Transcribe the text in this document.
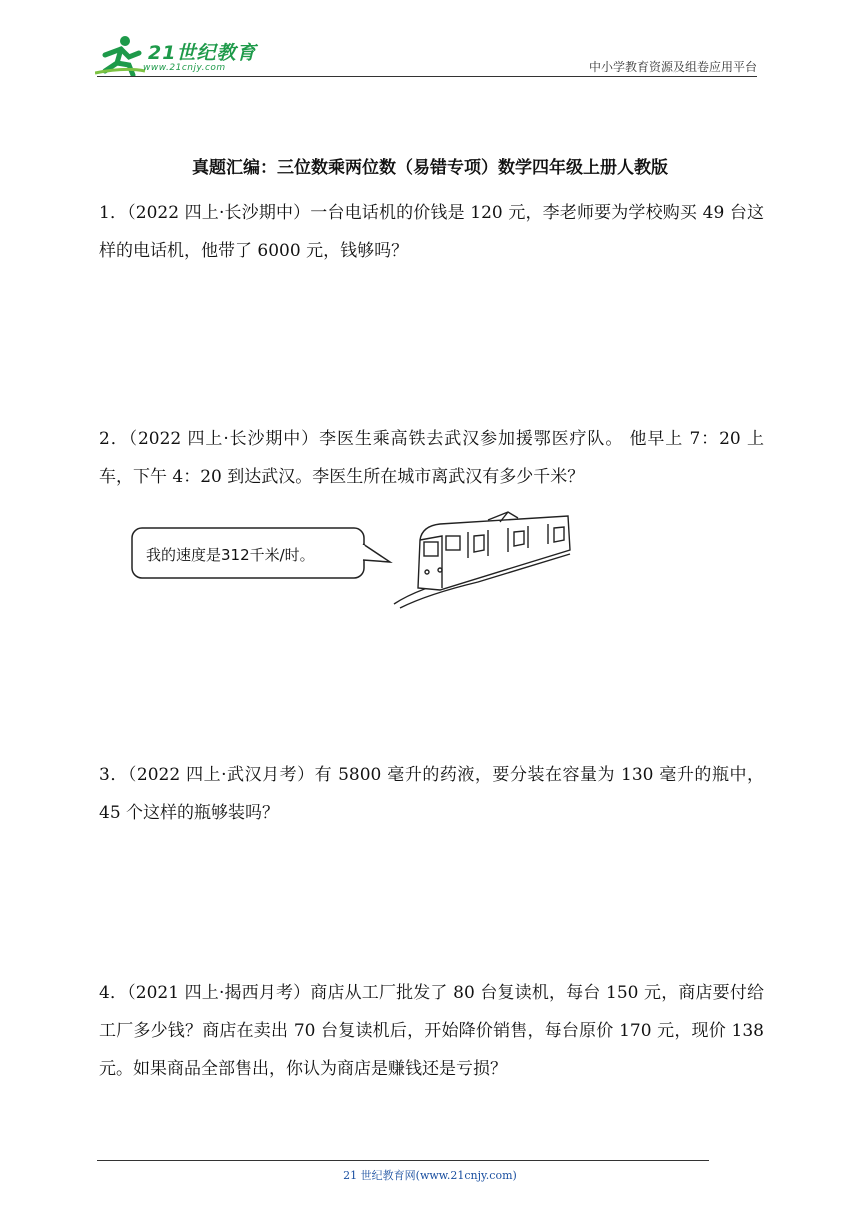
21世纪教育
www.21cnjy.com	中小学教育资源及组卷应用平台
真题汇编：三位数乘两位数（易错专项）数学四年级上册人教版
1．（2022 四上·长沙期中）一台电话机的价钱是 120 元，李老师要为学校购买 49 台这样的电话机，他带了 6000 元，钱够吗？
2．（2022 四上·长沙期中）李医生乘高铁去武汉参加援鄂医疗队。 他早上 7：20 上车，下午 4：20 到达武汉。李医生所在城市离武汉有多少千米？
我的速度是312千米/时。
3．（2022 四上·武汉月考）有 5800 毫升的药液，要分装在容量为 130 毫升的瓶中，45 个这样的瓶够装吗？
4．（2021 四上·揭西月考）商店从工厂批发了 80 台复读机，每台 150 元，商店要付给工厂多少钱？商店在卖出 70 台复读机后，开始降价销售，每台原价 170 元，现价 138 元。如果商品全部售出，你认为商店是赚钱还是亏损？
21 世纪教育网(www.21cnjy.com)
